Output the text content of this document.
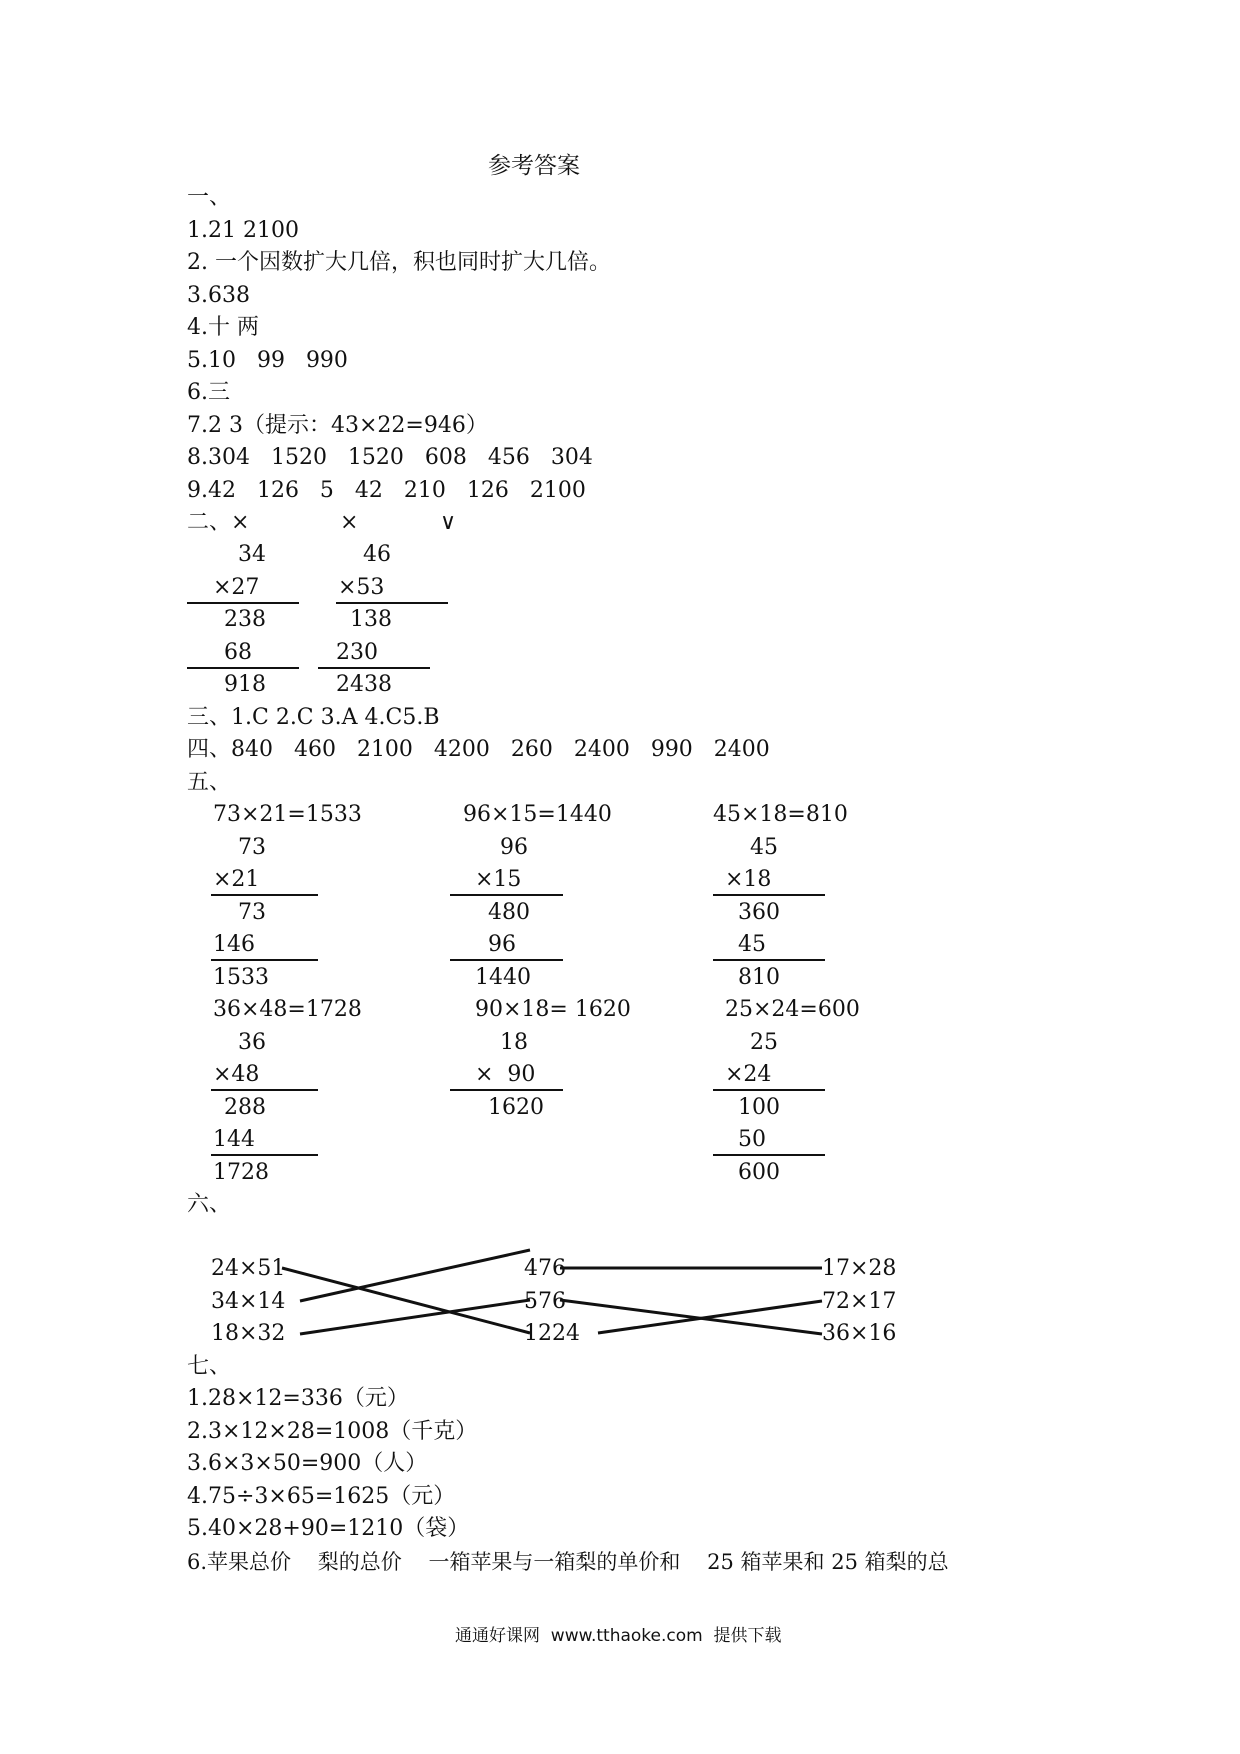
参考答案
一、
1.21 2100
2. 一个因数扩大几倍，积也同时扩大几倍。
3.638
4.十 两
5.10   99   990
6.三
7.2 3（提示：43×22=946）
8.304   1520   1520   608   456   304
9.42   126   5   42   210   126   2100
二、×	×	∨
34
×27
238
68
918
46
×53
138
230
2438
三、1.C 2.C 3.A 4.C5.B
四、840   460   2100   4200   260   2400   990   2400
五、
73×21=1533
73
×21
73
146
1533
96×15=1440
96
×15
480
96
1440
45×18=810
45
×18
360
45
810
36×48=1728
36
×48
288
144
1728
90×18= 1620
18
×  90
1620
25×24=600
25
×24
100
50
600
六、
24×51
34×14
18×32
476
576
1224
17×28
72×17
36×16
七、
1.28×12=336（元）
2.3×12×28=1008（千克）
3.6×3×50=900（人）
4.75÷3×65=1625（元）
5.40×28+90=1210（袋）
6.苹果总价    梨的总价    一箱苹果与一箱梨的单价和    25 箱苹果和 25 箱梨的总
通通好课网  www.tthaoke.com  提供下载
